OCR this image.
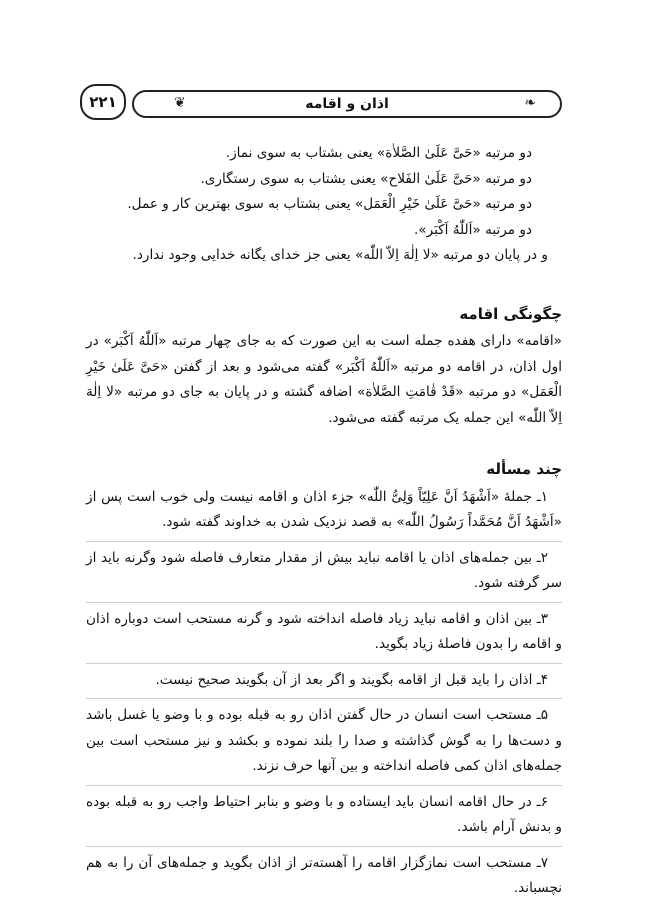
۲۲۱	❦	اذان و اقامه	❧

دو مرتبه «حَیَّ عَلَیٰ الصَّلاٰة» یعنی بشتاب به سوی نماز.

دو مرتبه «حَیَّ عَلَیٰ الفَلاح» یعنی بشتاب به سوی رستگاری.

دو مرتبه «حَیَّ عَلَیٰ خَیْرِ الْعَمَل» یعنی بشتاب به سوی بهترین کار و عمل.

دو مرتبه «اَللّٰهُ اَکْبَر».

و در پایان دو مرتبه «لا اِلٰهَ اِلاّ اللّٰه» یعنی جز خدای یگانه خدایی وجود ندارد.

چگونگی اقامه

«اقامه» دارای هفده جمله است به این صورت که به جای چهار مرتبه «اَللّٰهُ اَکْبَر» در اول اذان، در اقامه دو مرتبه «اَللّٰهُ اَکْبَر» گفته می‌شود و بعد از گفتن «حَیَّ عَلَیٰ خَیْرِ الْعَمَل» دو مرتبه «قَدْ قٰامَتِ الصَّلاٰة» اضافه گشته و در پایان به جای دو مرتبه «لا اِلٰهَ اِلاّ اللّٰه» این جمله یک مرتبه گفته می‌شود.

چند مسأله

۱ـ جملهٔ «اَشْهَدُ اَنَّ عَلِیّاً وَلِیُّ اللّٰه» جزء اذان و اقامه نیست ولی خوب است پس از «اَشْهَدُ اَنَّ مُحَمَّداً رَسُولُ اللّٰه» به قصد نزدیک شدن به خداوند گفته شود.

۲ـ بین جمله‌های اذان یا اقامه نباید بیش از مقدار متعارف فاصله شود وگرنه باید از سر گرفته شود.

۳ـ بین اذان و اقامه نباید زیاد فاصله انداخته شود و گرنه مستحب است دوباره اذان و اقامه را بدون فاصلهٔ زیاد بگوید.

۴ـ اذان را باید قبل از اقامه بگویند و اگر بعد از آن بگویند صحیح نیست.

۵ـ مستحب است انسان در حال گفتن اذان رو به قبله بوده و با وضو یا غسل باشد و دست‌ها را به گوش گذاشته و صدا را بلند نموده و بکشد و نیز مستحب است بین جمله‌های اذان کمی فاصله انداخته و بین آنها حرف نزند.

۶ـ در حال اقامه انسان باید ایستاده و با وضو و بنابر احتیاط واجب رو به قبله بوده و بدنش آرام باشد.

۷ـ مستحب است نمازگزار اقامه را آهسته‌تر از اذان بگوید و جمله‌های آن را به هم نچسباند.
